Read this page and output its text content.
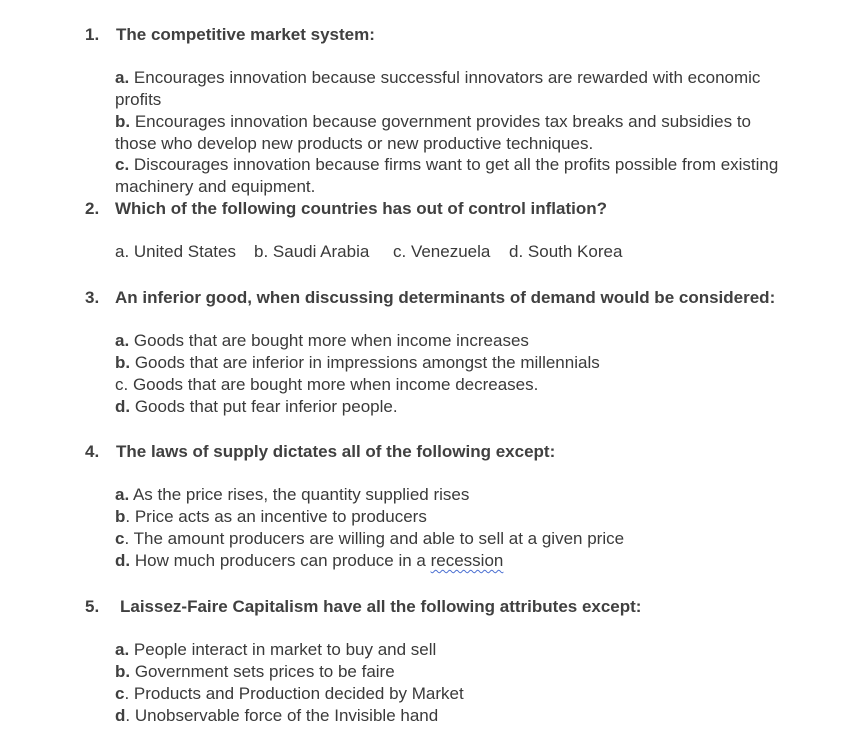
1. The competitive market system:
a. Encourages innovation because successful innovators are rewarded with economic
profits
b. Encourages innovation because government provides tax breaks and subsidies to
those who develop new products or new productive techniques.
c. Discourages innovation because firms want to get all the profits possible from existing
machinery and equipment.
2. Which of the following countries has out of control inflation?
a. United States b. Saudi Arabia c. Venezuela d. South Korea
3. An inferior good, when discussing determinants of demand would be considered:
a. Goods that are bought more when income increases
b. Goods that are inferior in impressions amongst the millennials
c. Goods that are bought more when income decreases.
d. Goods that put fear inferior people.
4. The laws of supply dictates all of the following except:
a. As the price rises, the quantity supplied rises
b. Price acts as an incentive to producers
c. The amount producers are willing and able to sell at a given price
d. How much producers can produce in a recession
5. Laissez-Faire Capitalism have all the following attributes except:
a. People interact in market to buy and sell
b. Government sets prices to be faire
c. Products and Production decided by Market
d. Unobservable force of the Invisible hand
